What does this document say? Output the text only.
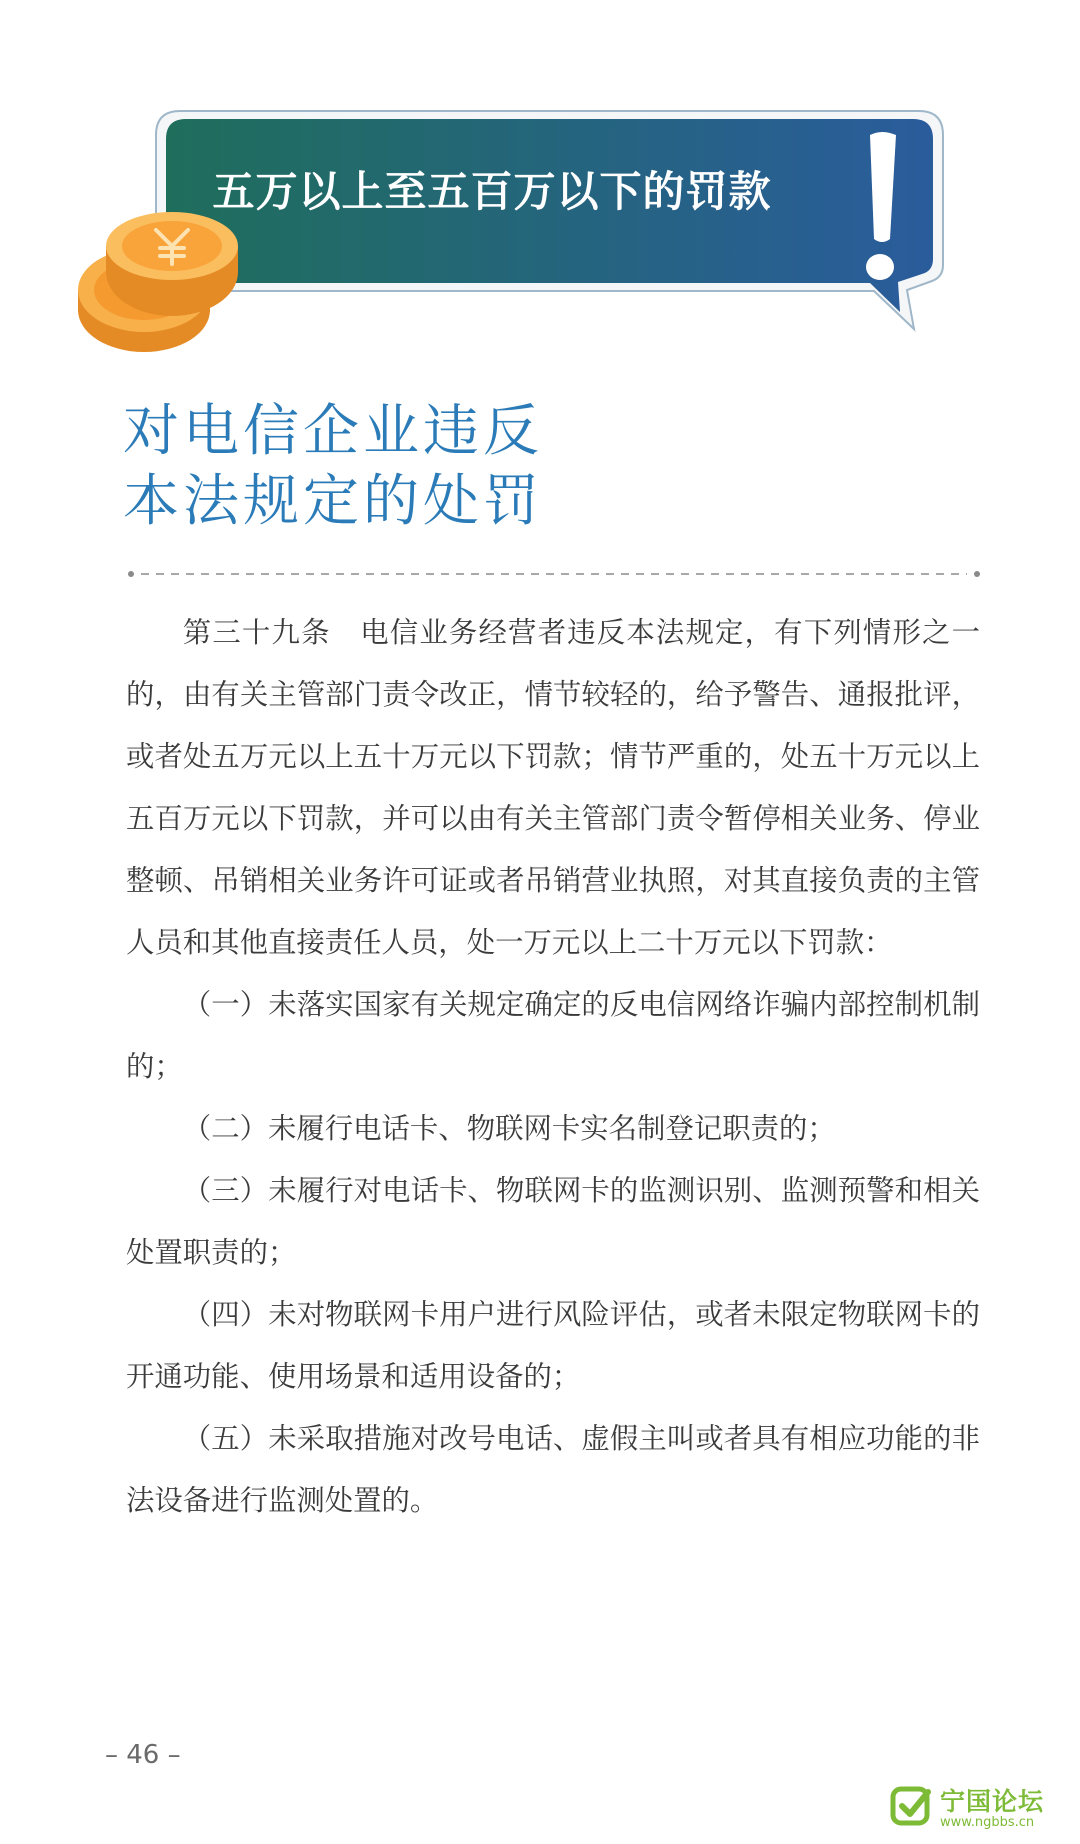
五万以上至五百万以下的罚款
对电信企业违反
本法规定的处罚

第三十九条　电信业务经营者违反本法规定，有下列情形之一的，由有关主管部门责令改正，情节较轻的，给予警告、通报批评，或者处五万元以上五十万元以下罚款；情节严重的，处五十万元以上五百万元以下罚款，并可以由有关主管部门责令暂停相关业务、停业整顿、吊销相关业务许可证或者吊销营业执照，对其直接负责的主管人员和其他直接责任人员，处一万元以上二十万元以下罚款：

（一）未落实国家有关规定确定的反电信网络诈骗内部控制机制的；

（二）未履行电话卡、物联网卡实名制登记职责的；

（三）未履行对电话卡、物联网卡的监测识别、监测预警和相关处置职责的；

（四）未对物联网卡用户进行风险评估，或者未限定物联网卡的开通功能、使用场景和适用设备的；

（五）未采取措施对改号电话、虚假主叫或者具有相应功能的非法设备进行监测处置的。

– 46 –
宁国论坛
www.ngbbs.cn
